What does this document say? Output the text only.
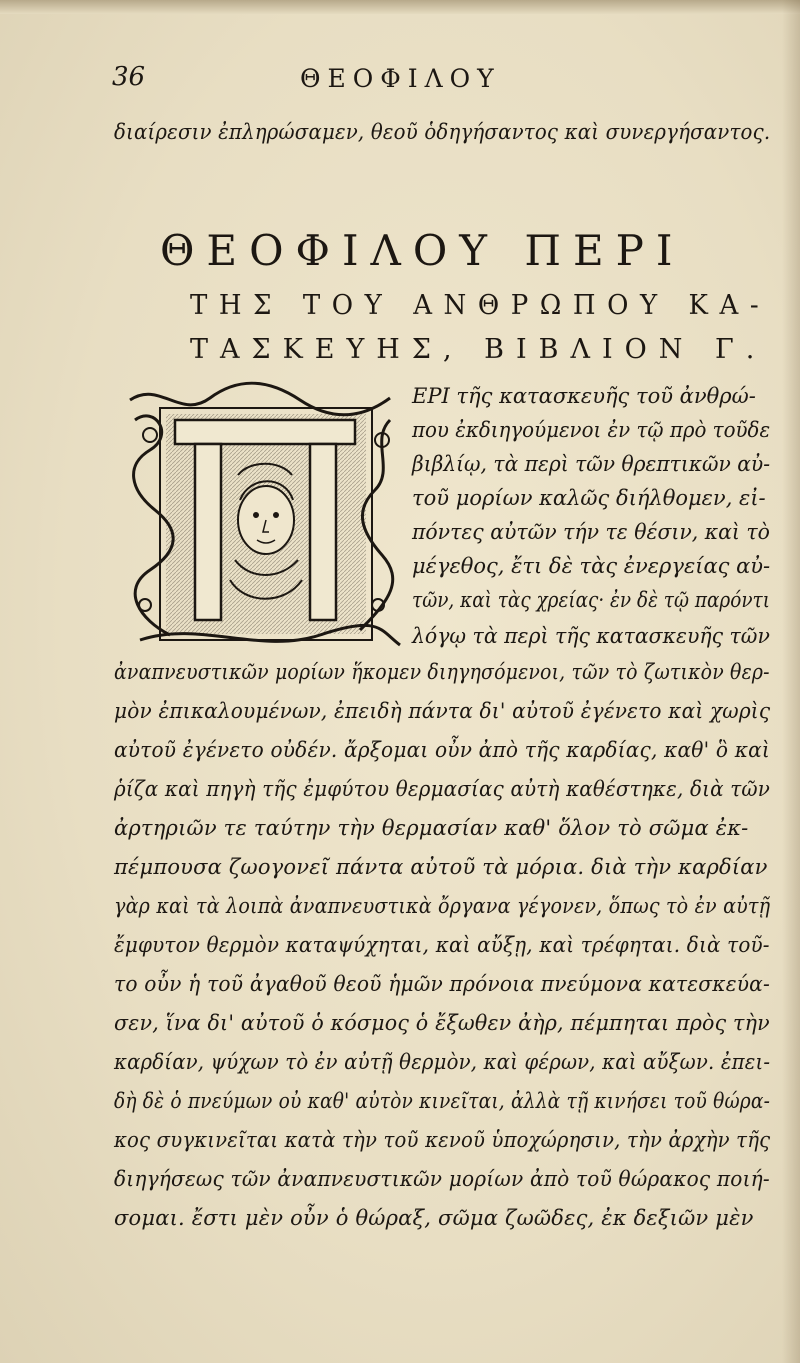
36	ΘΕΟΦΙΛΟΥ
διαίρεσιν ἐπληρώσαμεν, θεοῦ ὁδηγήσαντος καὶ συνεργήσαντος.
ΘΕΟΦΙΛΟΥ ΠΕΡΙ
ΤΗΣ ΤΟΥ ΑΝΘΡΩΠΟΥ ΚΑ-
ΤΑΣΚΕΥΗΣ, ΒΙΒΛΙΟΝ Γ.
ΕΡΙ τῆς κατασκευῆς τοῦ ἀνθρώ-
που ἐκδιηγούμενοι ἐν τῷ πρὸ τοῦδε
βιβλίῳ, τὰ περὶ τῶν θρεπτικῶν αὐ-
τοῦ μορίων καλῶς διήλθομεν, εἰ-
πόντες αὐτῶν τήν τε θέσιν, καὶ τὸ
μέγεθος, ἔτι δὲ τὰς ἐνεργείας αὐ-
τῶν, καὶ τὰς χρείας· ἐν δὲ τῷ παρόντι
λόγῳ τὰ περὶ τῆς κατασκευῆς τῶν
ἀναπνευστικῶν μορίων ἥκομεν διηγησόμενοι, τῶν τὸ ζωτικὸν θερ-
μὸν ἐπικαλουμένων, ἐπειδὴ πάντα δι' αὐτοῦ ἐγένετο καὶ χωρὶς
αὐτοῦ ἐγένετο οὐδέν. ἄρξομαι οὖν ἀπὸ τῆς καρδίας, καθ' ὃ καὶ
ῥίζα καὶ πηγὴ τῆς ἐμφύτου θερμασίας αὐτὴ καθέστηκε, διὰ τῶν
ἀρτηριῶν τε ταύτην τὴν θερμασίαν καθ' ὅλον τὸ σῶμα ἐκ-
πέμπουσα ζωογονεῖ πάντα αὐτοῦ τὰ μόρια. διὰ τὴν καρδίαν
γὰρ καὶ τὰ λοιπὰ ἀναπνευστικὰ ὄργανα γέγονεν, ὅπως τὸ ἐν αὐτῇ
ἔμφυτον θερμὸν καταψύχηται, καὶ αὔξῃ, καὶ τρέφηται. διὰ τοῦ-
το οὖν ἡ τοῦ ἀγαθοῦ θεοῦ ἡμῶν πρόνοια πνεύμονα κατεσκεύα-
σεν, ἵνα δι' αὐτοῦ ὁ κόσμος ὁ ἔξωθεν ἀὴρ, πέμπηται πρὸς τὴν
καρδίαν, ψύχων τὸ ἐν αὐτῇ θερμὸν, καὶ φέρων, καὶ αὔξων. ἐπει-
δὴ δὲ ὁ πνεύμων οὐ καθ' αὐτὸν κινεῖται, ἀλλὰ τῇ κινήσει τοῦ θώρα-
κος συγκινεῖται κατὰ τὴν τοῦ κενοῦ ὑποχώρησιν, τὴν ἀρχὴν τῆς
διηγήσεως τῶν ἀναπνευστικῶν μορίων ἀπὸ τοῦ θώρακος ποιή-
σομαι. ἔστι μὲν οὖν ὁ θώραξ, σῶμα ζωῶδες, ἐκ δεξιῶν μὲν
